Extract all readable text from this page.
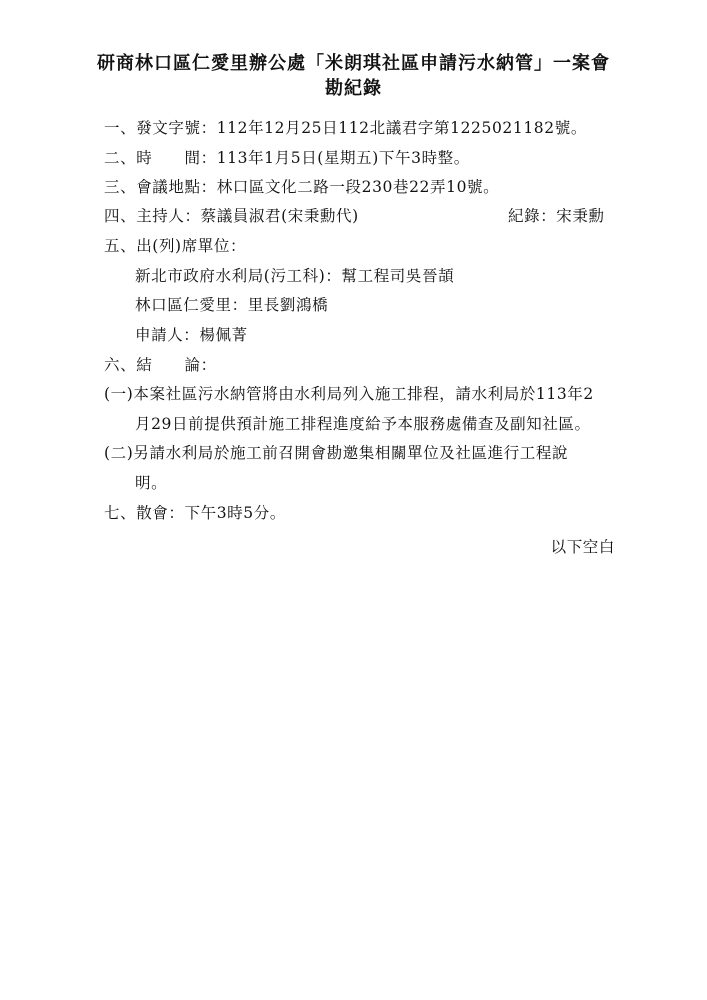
研商林口區仁愛里辦公處「米朗琪社區申請污水納管」一案會
勘紀錄
一、發文字號：112年12月25日112北議君字第1225021182號。
二、時　　間：113年1月5日(星期五)下午3時整。
三、會議地點：林口區文化二路一段230巷22弄10號。
四、主持人：蔡議員淑君(宋秉勳代)	紀錄：宋秉勳
五、出(列)席單位：
新北市政府水利局(污工科)：幫工程司吳晉頡
林口區仁愛里：里長劉鴻橋
申請人：楊佩菁
六、結　　論：
(一)本案社區污水納管將由水利局列入施工排程，請水利局於113年2
月29日前提供預計施工排程進度給予本服務處備查及副知社區。
(二)另請水利局於施工前召開會勘邀集相關單位及社區進行工程說
明。
七、散會：下午3時5分。
以下空白
